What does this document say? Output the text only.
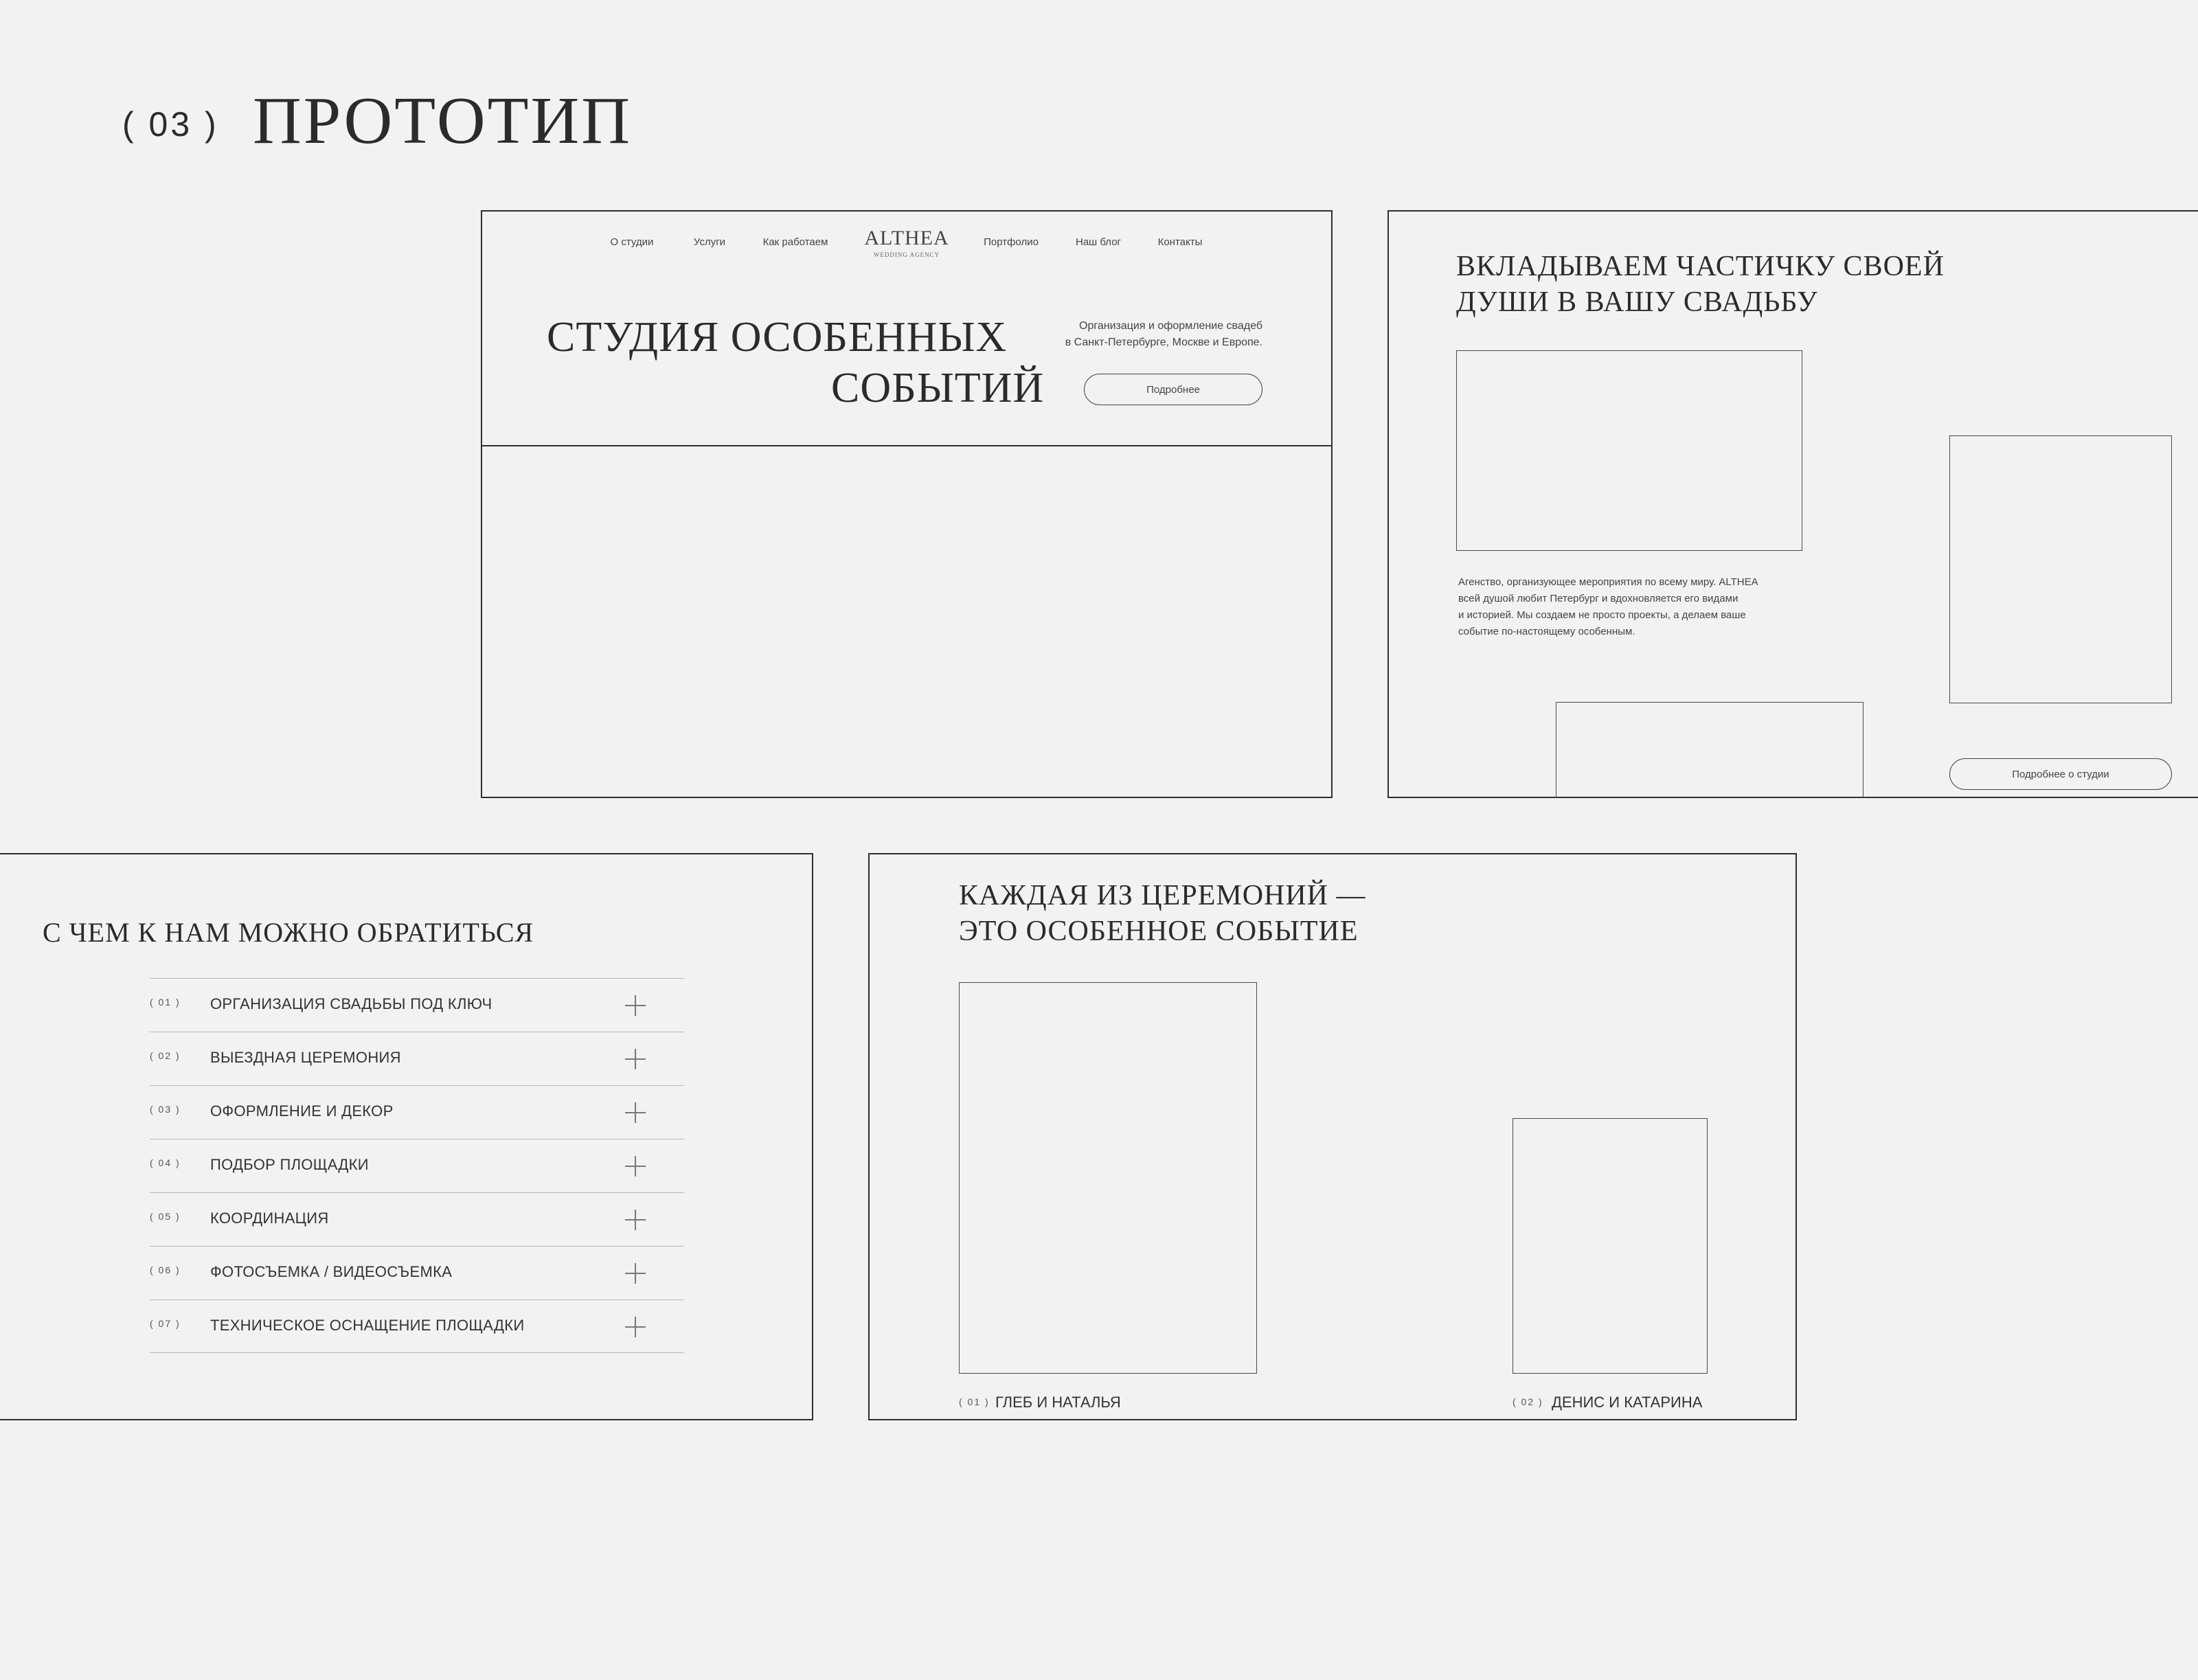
( 03 ) ПРОТОТИП
О студии	Услуги	Как работаем ALTHEA
WEDDING AGENCY
Портфолио	Наш блог	Контакты
СТУДИЯ ОСОБЕННЫХ
СОБЫТИЙ
Организация и оформление свадеб
в Санкт-Петербурге, Москве и Европе.
Подробнее
ВКЛАДЫВАЕМ ЧАСТИЧКУ СВОЕЙ
ДУШИ В ВАШУ СВАДЬБУ
Агенство, организующее мероприятия по всему миру. ALTHEA
всей душой любит Петербург и вдохновляется его видами
и историей. Мы создаем не просто проекты, а делаем ваше
событие по-настоящему особенным.
Подробнее о студии
С ЧЕМ К НАМ МОЖНО ОБРАТИТЬСЯ
( 01 ) ОРГАНИЗАЦИЯ СВАДЬБЫ ПОД КЛЮЧ
( 02 ) ВЫЕЗДНАЯ ЦЕРЕМОНИЯ
( 03 ) ОФОРМЛЕНИЕ И ДЕКОР
( 04 ) ПОДБОР ПЛОЩАДКИ
( 05 ) КООРДИНАЦИЯ
( 06 ) ФОТОСЪЕМКА / ВИДЕОСЪЕМКА
( 07 ) ТЕХНИЧЕСКОЕ ОСНАЩЕНИЕ ПЛОЩАДКИ
КАЖДАЯ ИЗ ЦЕРЕМОНИЙ —
ЭТО ОСОБЕННОЕ СОБЫТИЕ
( 01 ) ГЛЕБ И НАТАЛЬЯ	( 02 ) ДЕНИС И КАТАРИНА
